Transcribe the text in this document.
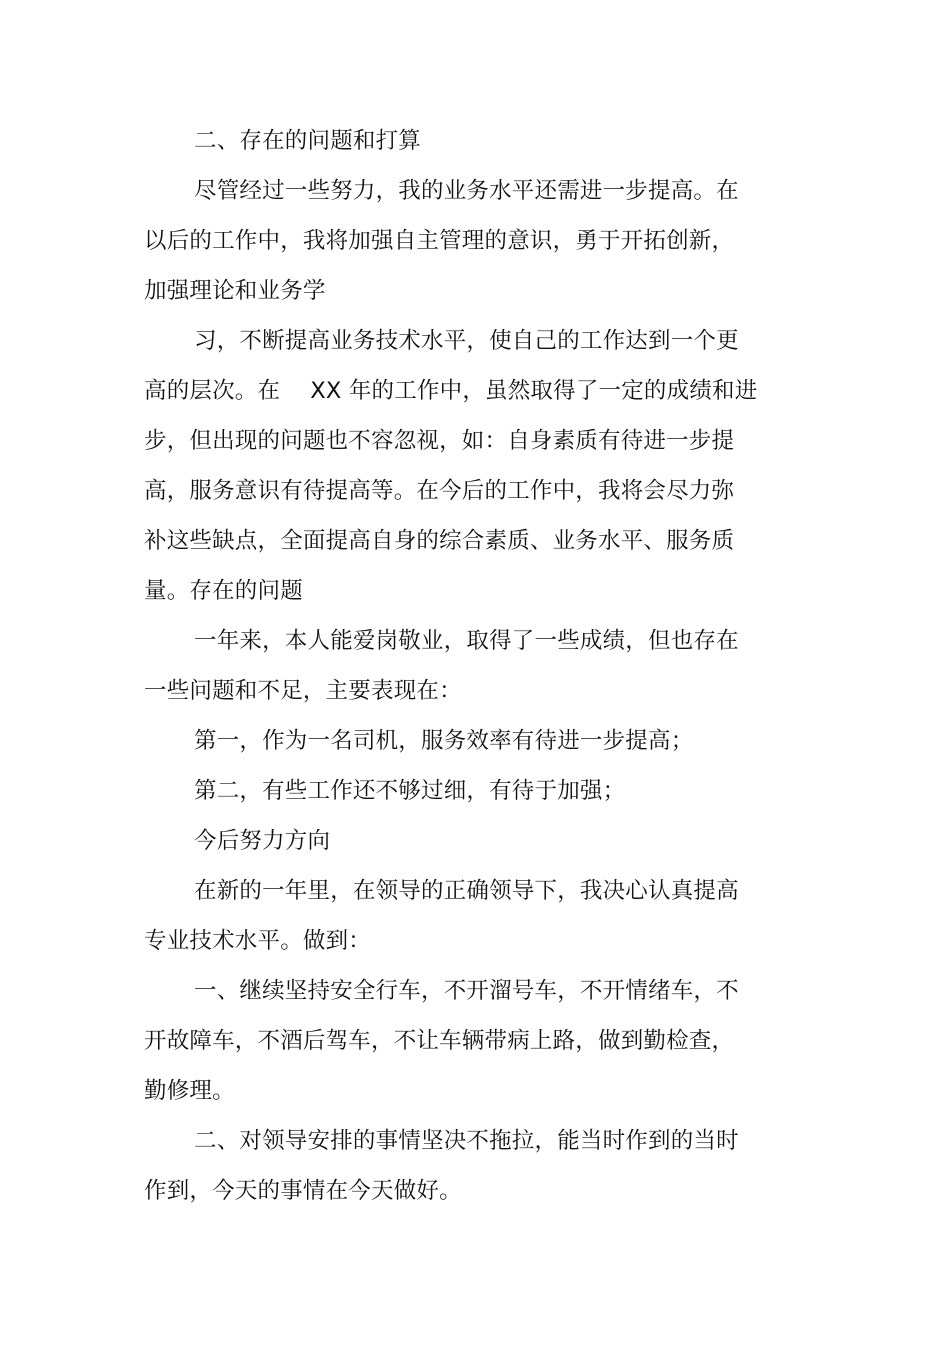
二、存在的问题和打算
尽管经过一些努力，我的业务水平还需进一步提高。在
以后的工作中，我将加强自主管理的意识，勇于开拓创新，
加强理论和业务学
习，不断提高业务技术水平，使自己的工作达到一个更
高的层次。在　 XX 年的工作中，虽然取得了一定的成绩和进
步，但出现的问题也不容忽视，如：自身素质有待进一步提
高，服务意识有待提高等。在今后的工作中，我将会尽力弥
补这些缺点，全面提高自身的综合素质、业务水平、服务质
量。存在的问题
一年来，本人能爱岗敬业，取得了一些成绩，但也存在
一些问题和不足，主要表现在：
第一，作为一名司机，服务效率有待进一步提高；
第二，有些工作还不够过细，有待于加强；
今后努力方向
在新的一年里，在领导的正确领导下，我决心认真提高
专业技术水平。做到：
一、继续坚持安全行车，不开溜号车，不开情绪车，不
开故障车，不酒后驾车，不让车辆带病上路，做到勤检查，
勤修理。
二、对领导安排的事情坚决不拖拉，能当时作到的当时
作到，今天的事情在今天做好。
